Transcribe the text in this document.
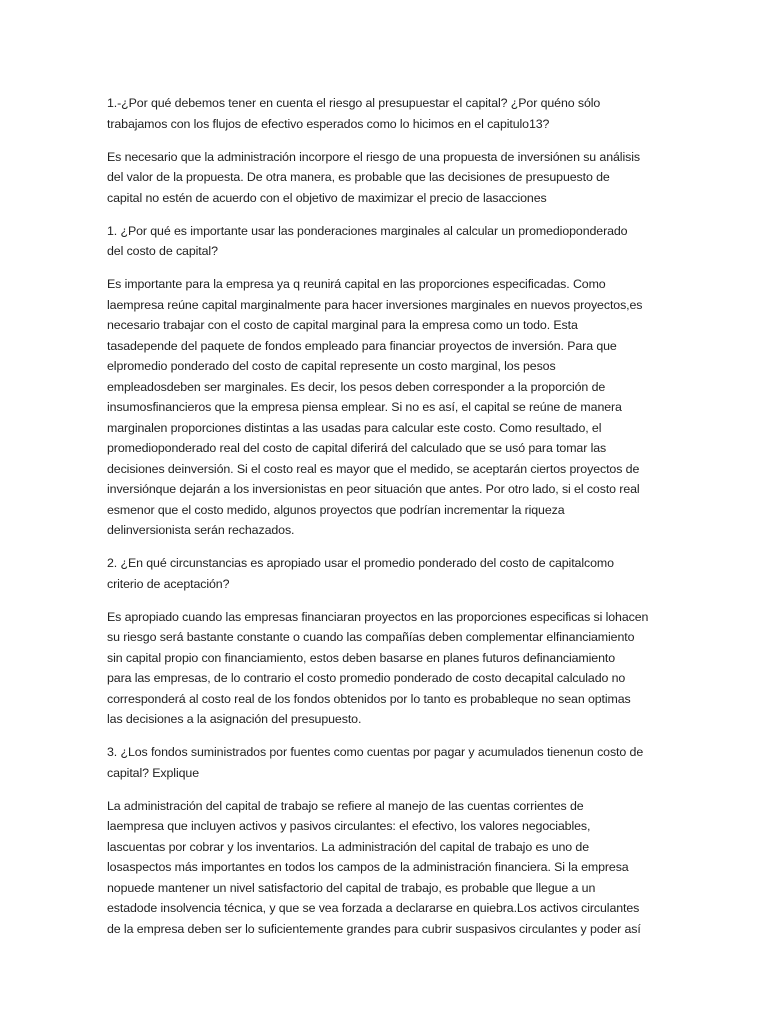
1.-¿Por qué debemos tener en cuenta el riesgo al presupuestar el capital? ¿Por quéno sólo
trabajamos con los flujos de efectivo esperados como lo hicimos en el capitulo13?

Es necesario que la administración incorpore el riesgo de una propuesta de inversiónen su análisis
del valor de la propuesta. De otra manera, es probable que las decisiones de presupuesto de
capital no estén de acuerdo con el objetivo de maximizar el precio de lasacciones

1. ¿Por qué es importante usar las ponderaciones marginales al calcular un promedioponderado
del costo de capital?

Es importante para la empresa ya q reunirá capital en las proporciones especificadas. Como
laempresa reúne capital marginalmente para hacer inversiones marginales en nuevos proyectos,es
necesario trabajar con el costo de capital marginal para la empresa como un todo. Esta
tasadepende del paquete de fondos empleado para financiar proyectos de inversión. Para que
elpromedio ponderado del costo de capital represente un costo marginal, los pesos
empleadosdeben ser marginales. Es decir, los pesos deben corresponder a la proporción de
insumosfinancieros que la empresa piensa emplear. Si no es así, el capital se reúne de manera
marginalen proporciones distintas a las usadas para calcular este costo. Como resultado, el
promedioponderado real del costo de capital diferirá del calculado que se usó para tomar las
decisiones deinversión. Si el costo real es mayor que el medido, se aceptarán ciertos proyectos de
inversiónque dejarán a los inversionistas en peor situación que antes. Por otro lado, si el costo real
esmenor que el costo medido, algunos proyectos que podrían incrementar la riqueza
delinversionista serán rechazados.

2. ¿En qué circunstancias es apropiado usar el promedio ponderado del costo de capitalcomo
criterio de aceptación?

Es apropiado cuando las empresas financiaran proyectos en las proporciones especificas si lohacen
su riesgo será bastante constante o cuando las compañías deben complementar elfinanciamiento
sin capital propio con financiamiento, estos deben basarse en planes futuros definanciamiento
para las empresas, de lo contrario el costo promedio ponderado de costo decapital calculado no
corresponderá al costo real de los fondos obtenidos por lo tanto es probableque no sean optimas
las decisiones a la asignación del presupuesto.

3. ¿Los fondos suministrados por fuentes como cuentas por pagar y acumulados tienenun costo de
capital? Explique

La administración del capital de trabajo se refiere al manejo de las cuentas corrientes de
laempresa que incluyen activos y pasivos circulantes: el efectivo, los valores negociables,
lascuentas por cobrar y los inventarios. La administración del capital de trabajo es uno de
losaspectos más importantes en todos los campos de la administración financiera. Si la empresa
nopuede mantener un nivel satisfactorio del capital de trabajo, es probable que llegue a un
estadode insolvencia técnica, y que se vea forzada a declararse en quiebra.Los activos circulantes
de la empresa deben ser lo suficientemente grandes para cubrir suspasivos circulantes y poder así
